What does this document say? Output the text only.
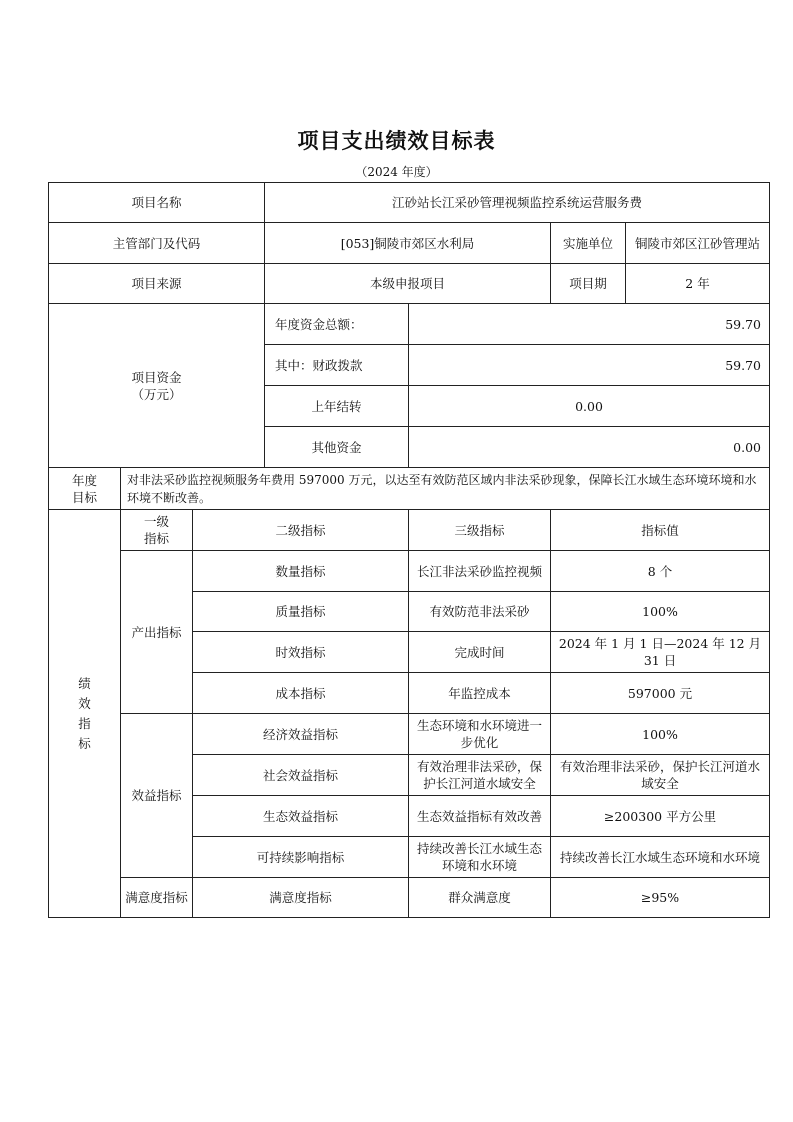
项目支出绩效目标表
（2024 年度）
项目名称			江砂站长江采砂管理视频监控系统运营服务费			
主管部门及代码			[053]铜陵市郊区水利局		实施单位	铜陵市郊区江砂管理站
项目来源			本级申报项目		项目期	2 年

项目资金
（万元）			年度资金总额：	59.70		
			其中：财政拨款	59.70		
			上年结转	0.00		
			其他资金	0.00		

年度
目标	对非法采砂监控视频服务年费用 597000 万元，以达至有效防范区域内非法采砂现象，保障长江水域生态环境环境和水环境不断改善。					

绩效指标	一级指标	二级指标		三级指标	指标值	
	产出指标	数量指标		长江非法采砂监控视频	8 个	
		质量指标		有效防范非法采砂	100%	
		时效指标		完成时间	2024 年 1 月 1 日—2024 年 12 月 31 日	
		成本指标		年监控成本	597000 元	
	效益指标	经济效益指标		生态环境和水环境进一步优化	100%	
		社会效益指标		有效治理非法采砂，保护长江河道水域安全	有效治理非法采砂，保护长江河道水域安全	
		生态效益指标		生态效益指标有效改善	≥200300 平方公里	
		可持续影响指标		持续改善长江水域生态环境和水环境	持续改善长江水域生态环境和水环境	
	满意度指标	满意度指标		群众满意度	≥95%	
